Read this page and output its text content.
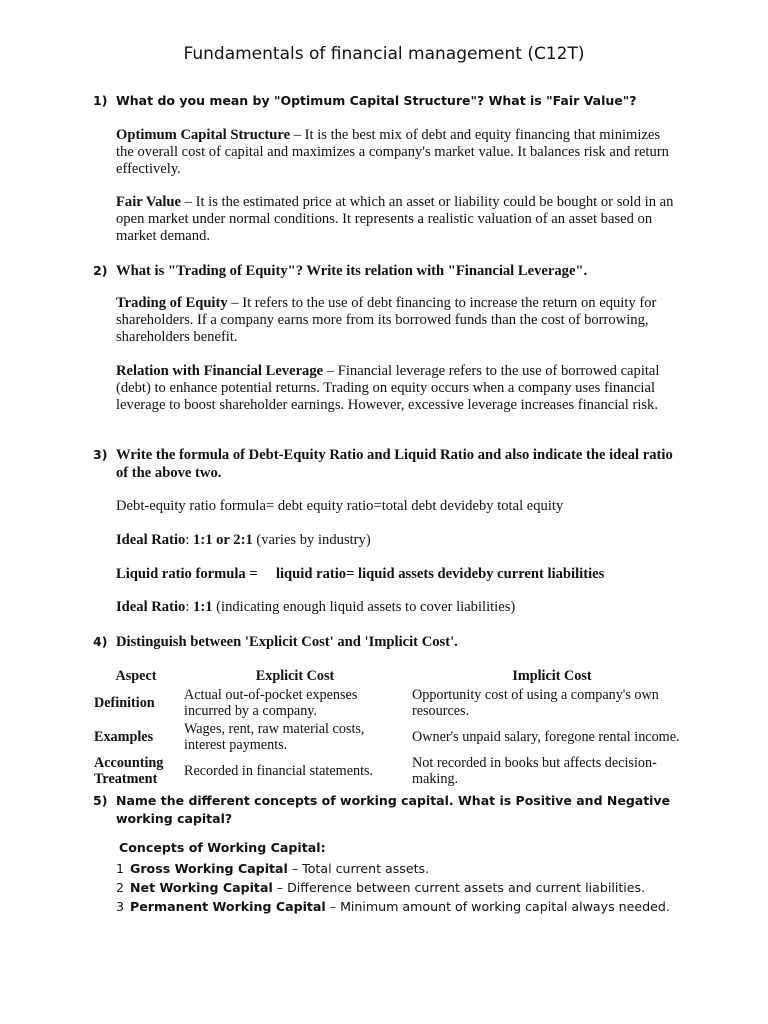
Fundamentals of financial management (C12T)
1) What do you mean by "Optimum Capital Structure"? What is "Fair Value"?
Optimum Capital Structure – It is the best mix of debt and equity financing that minimizes the overall cost of capital and maximizes a company's market value. It balances risk and return effectively.
Fair Value – It is the estimated price at which an asset or liability could be bought or sold in an open market under normal conditions. It represents a realistic valuation of an asset based on market demand.
2) What is "Trading of Equity"? Write its relation with "Financial Leverage".
Trading of Equity – It refers to the use of debt financing to increase the return on equity for shareholders. If a company earns more from its borrowed funds than the cost of borrowing, shareholders benefit.
Relation with Financial Leverage – Financial leverage refers to the use of borrowed capital (debt) to enhance potential returns. Trading on equity occurs when a company uses financial leverage to boost shareholder earnings. However, excessive leverage increases financial risk.
3) Write the formula of Debt-Equity Ratio and Liquid Ratio and also indicate the ideal ratio of the above two.
Debt-equity ratio formula= debt equity ratio=total debt devideby total equity
Ideal Ratio: 1:1 or 2:1 (varies by industry)
Liquid ratio formula =     liquid ratio= liquid assets devideby current liabilities
Ideal Ratio: 1:1 (indicating enough liquid assets to cover liabilities)
4) Distinguish between 'Explicit Cost' and 'Implicit Cost'.
Aspect	Explicit Cost	Implicit Cost
Definition	Actual out-of-pocket expenses incurred by a company.	Opportunity cost of using a company's own resources.
Examples	Wages, rent, raw material costs, interest payments.	Owner's unpaid salary, foregone rental income.
Accounting Treatment	Recorded in financial statements.	Not recorded in books but affects decision-making.
5) Name the different concepts of working capital. What is Positive and Negative working capital?
Concepts of Working Capital:
1 Gross Working Capital – Total current assets.
2 Net Working Capital – Difference between current assets and current liabilities.
3 Permanent Working Capital – Minimum amount of working capital always needed.
